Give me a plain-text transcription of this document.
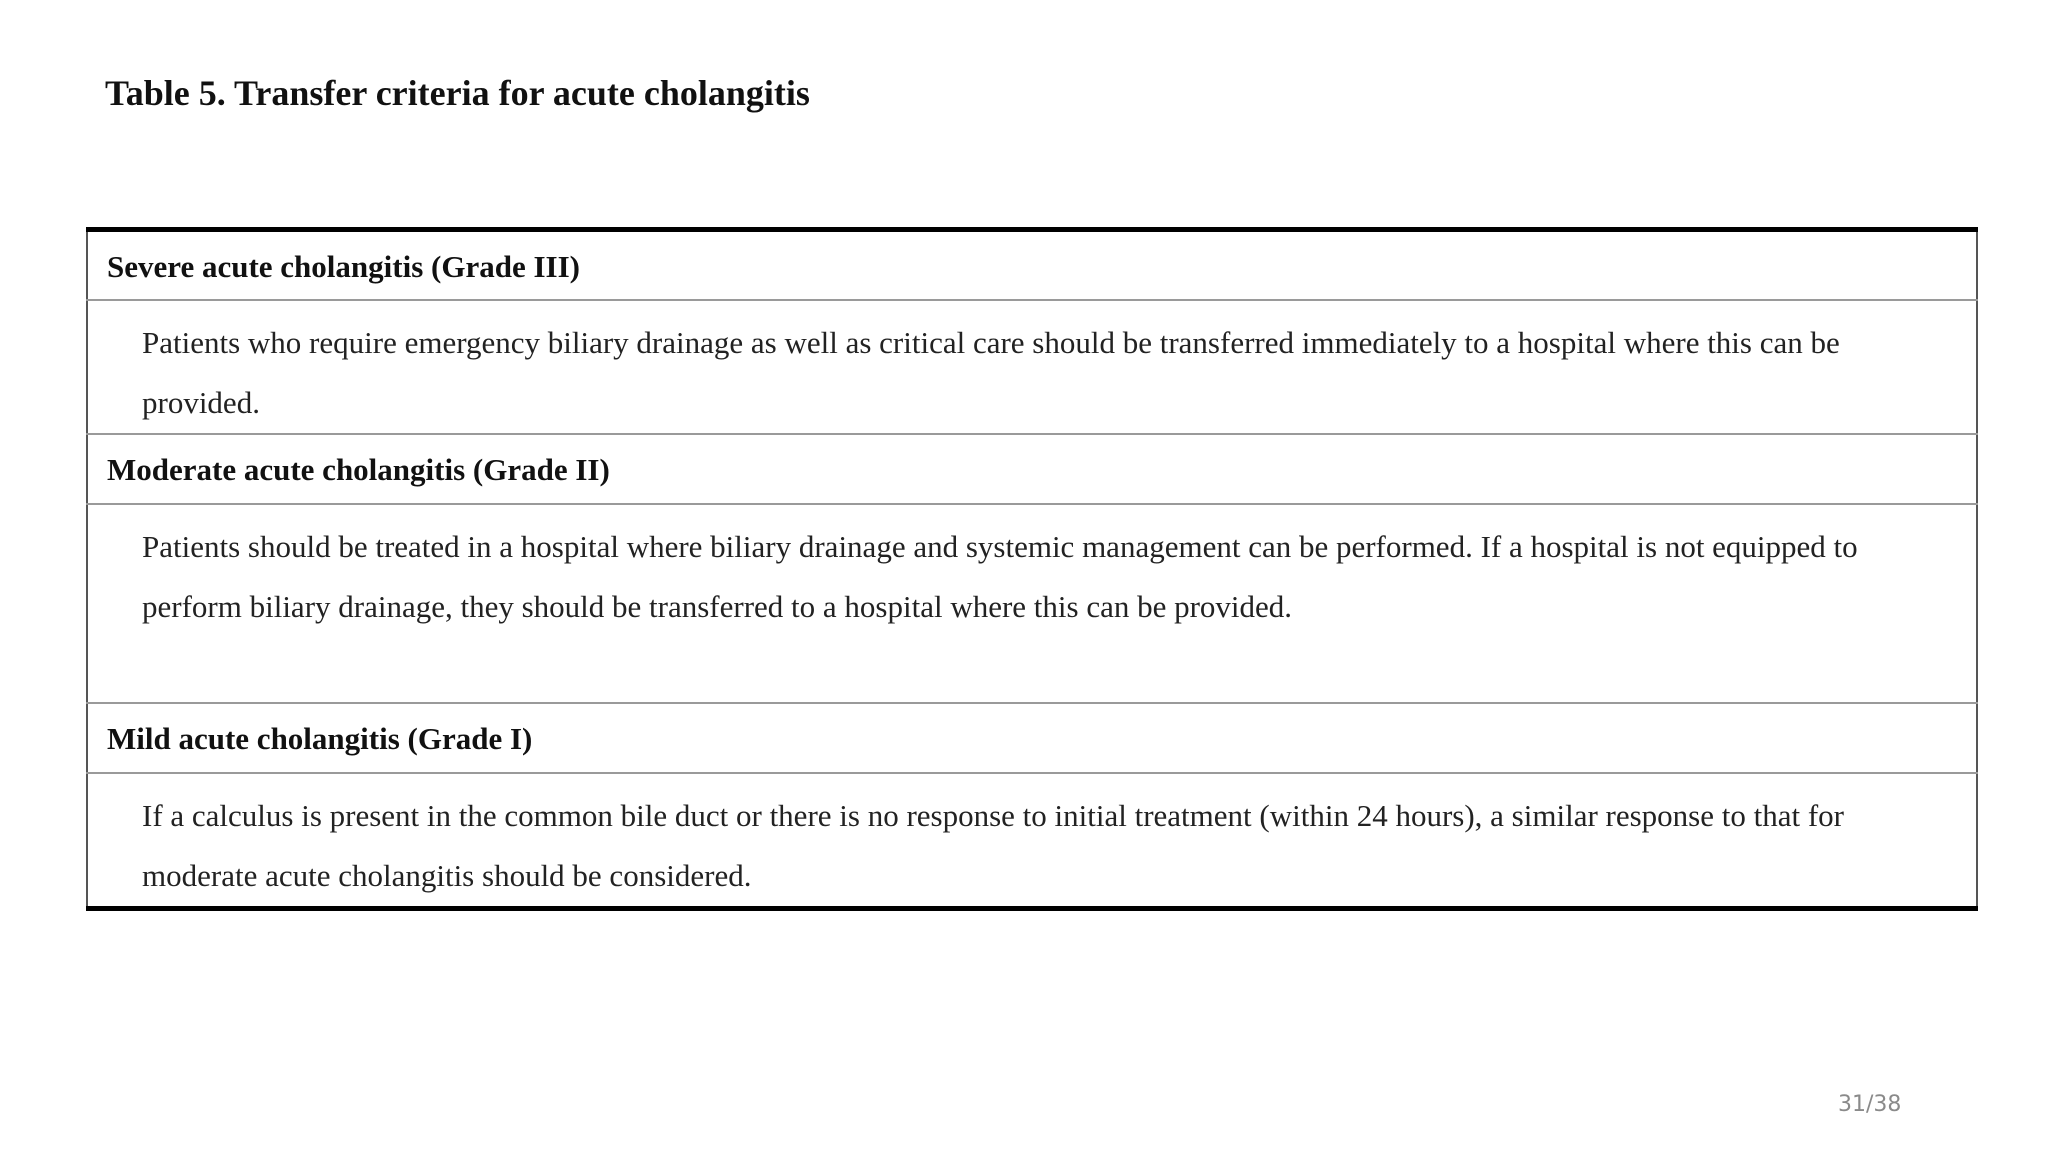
Table 5. Transfer criteria for acute cholangitis
Severe acute cholangitis (Grade III)
Patients who require emergency biliary drainage as well as critical care should be transferred immediately to a hospital where this can be provided.
Moderate acute cholangitis (Grade II)
Patients should be treated in a hospital where biliary drainage and systemic management can be performed. If a hospital is not equipped to perform biliary drainage, they should be transferred to a hospital where this can be provided.
Mild acute cholangitis (Grade I)
If a calculus is present in the common bile duct or there is no response to initial treatment (within 24 hours), a similar response to that for moderate acute cholangitis should be considered.
31/38
